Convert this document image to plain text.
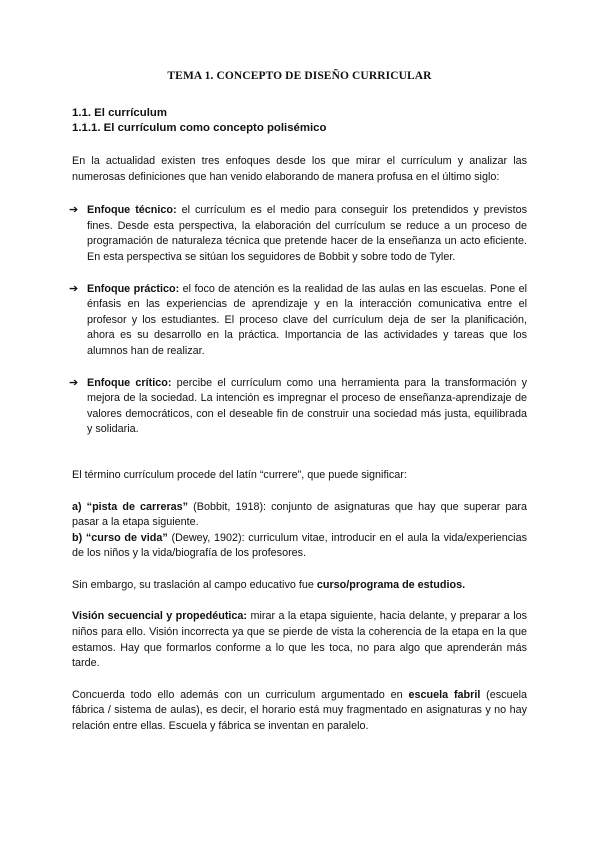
TEMA 1. CONCEPTO DE DISEÑO CURRICULAR
1.1. El currículum
1.1.1. El currículum como concepto polisémico

En la actualidad existen tres enfoques desde los que mirar el currículum y analizar las numerosas definiciones que han venido elaborando de manera profusa en el último siglo:

➔ Enfoque técnico: el currículum es el medio para conseguir los pretendidos y previstos fines. Desde esta perspectiva, la elaboración del currículum se reduce a un proceso de programación de naturaleza técnica que pretende hacer de la enseñanza un acto eficiente. En esta perspectiva se sitúan los seguidores de Bobbit y sobre todo de Tyler.

➔ Enfoque práctico: el foco de atención es la realidad de las aulas en las escuelas. Pone el énfasis en las experiencias de aprendizaje y en la interacción comunicativa entre el profesor y los estudiantes. El proceso clave del currículum deja de ser la planificación, ahora es su desarrollo en la práctica. Importancia de las actividades y tareas que los alumnos han de realizar.

➔ Enfoque crítico: percibe el currículum como una herramienta para la transformación y mejora de la sociedad. La intención es impregnar el proceso de enseñanza-aprendizaje de valores democráticos, con el deseable fin de construir una sociedad más justa, equilibrada y solidaria.

El término currículum procede del latín “currere”, que puede significar:

a) “pista de carreras” (Bobbit, 1918): conjunto de asignaturas que hay que superar para pasar a la etapa siguiente.

b) “curso de vida” (Dewey, 1902): curriculum vitae, introducir en el aula la vida/experiencias de los niños y la vida/biografía de los profesores.

Sin embargo, su traslación al campo educativo fue curso/programa de estudios.

Visión secuencial y propedéutica: mirar a la etapa siguiente, hacia delante, y preparar a los niños para ello. Visión incorrecta ya que se pierde de vista la coherencia de la etapa en la que estamos. Hay que formarlos conforme a lo que les toca, no para algo que aprenderán más tarde.

Concuerda todo ello además con un curriculum argumentado en escuela fabril (escuela fábrica / sistema de aulas), es decir, el horario está muy fragmentado en asignaturas y no hay relación entre ellas. Escuela y fábrica se inventan en paralelo.
